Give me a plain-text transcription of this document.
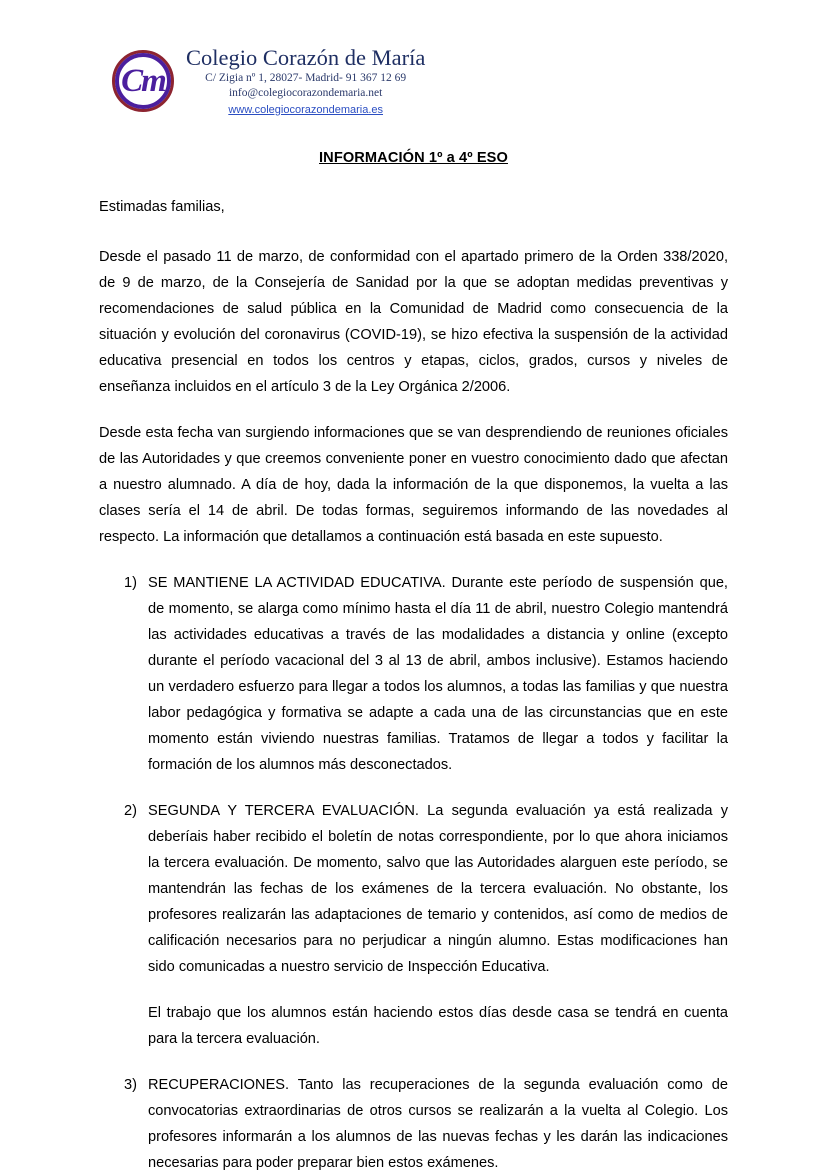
Cm
Colegio Corazón de María
C/ Zigia nº 1, 28027- Madrid- 91 367 12 69
info@colegiocorazondemaria.net
www.colegiocorazondemaria.es
INFORMACIÓN 1º a 4º ESO

Estimadas familias,

Desde el pasado 11 de marzo, de conformidad con el apartado primero de la Orden 338/2020, de 9 de marzo, de la Consejería de Sanidad por la que se adoptan medidas preventivas y recomendaciones de salud pública en la Comunidad de Madrid como consecuencia de la situación y evolución del coronavirus (COVID-19), se hizo efectiva la suspensión de la actividad educativa presencial en todos los centros y etapas, ciclos, grados, cursos y niveles de enseñanza incluidos en el artículo 3 de la Ley Orgánica 2/2006.

Desde esta fecha van surgiendo informaciones que se van desprendiendo de reuniones oficiales de las Autoridades y que creemos conveniente poner en vuestro conocimiento dado que afectan a nuestro alumnado. A día de hoy, dada la información de la que disponemos, la vuelta a las clases sería el 14 de abril. De todas formas, seguiremos informando de las novedades al respecto. La información que detallamos a continuación está basada en este supuesto.

SE MANTIENE LA ACTIVIDAD EDUCATIVA. Durante este período de suspensión que, de momento, se alarga como mínimo hasta el día 11 de abril, nuestro Colegio mantendrá las actividades educativas a través de las modalidades a distancia y online (excepto durante el período vacacional del 3 al 13 de abril, ambos inclusive). Estamos haciendo un verdadero esfuerzo para llegar a todos los alumnos, a todas las familias y que nuestra labor pedagógica y formativa se adapte a cada una de las circunstancias que en este momento están viviendo nuestras familias. Tratamos de llegar a todos y facilitar la formación de los alumnos más desconectados.

SEGUNDA Y TERCERA EVALUACIÓN. La segunda evaluación ya está realizada y deberíais haber recibido el boletín de notas correspondiente, por lo que ahora iniciamos la tercera evaluación. De momento, salvo que las Autoridades alarguen este período, se mantendrán las fechas de los exámenes de la tercera evaluación. No obstante, los profesores realizarán las adaptaciones de temario y contenidos, así como de medios de calificación necesarios para no perjudicar a ningún alumno. Estas modificaciones han sido comunicadas a nuestro servicio de Inspección Educativa.

El trabajo que los alumnos están haciendo estos días desde casa se tendrá en cuenta para la tercera evaluación.

RECUPERACIONES. Tanto las recuperaciones de la segunda evaluación como de convocatorias extraordinarias de otros cursos se realizarán a la vuelta al Colegio. Los profesores informarán a los alumnos de las nuevas fechas y les darán las indicaciones necesarias para poder preparar bien estos exámenes.
